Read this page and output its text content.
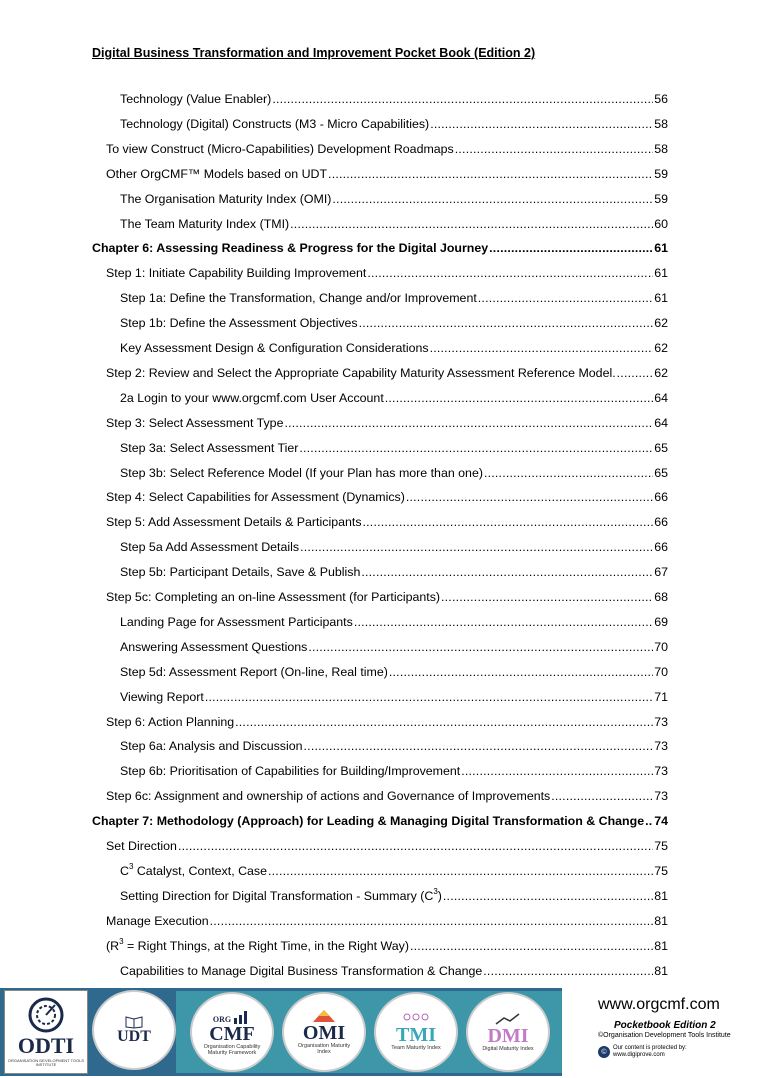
Digital Business Transformation and Improvement Pocket Book (Edition 2)
Technology (Value Enabler) .....	56
Technology (Digital) Constructs (M3 - Micro Capabilities) .....	58
To view Construct (Micro-Capabilities) Development Roadmaps .....	58
Other OrgCMF™ Models based on UDT .....	59
The Organisation Maturity Index (OMI) .....	59
The Team Maturity Index (TMI) .....	60
Chapter 6: Assessing Readiness & Progress for the Digital Journey .....	61
Step 1: Initiate Capability Building Improvement .....	61
Step 1a: Define the Transformation, Change and/or Improvement .....	61
Step 1b: Define the Assessment Objectives .....	62
Key Assessment Design & Configuration Considerations .....	62
Step 2: Review and Select the Appropriate Capability Maturity Assessment Reference Model. .....	62
2a Login to your www.orgcmf.com User Account .....	64
Step 3: Select Assessment Type .....	64
Step 3a: Select Assessment Tier .....	65
Step 3b: Select Reference Model (If your Plan has more than one) .....	65
Step 4: Select Capabilities for Assessment (Dynamics) .....	66
Step 5: Add Assessment Details & Participants .....	66
Step 5a Add Assessment Details .....	66
Step 5b: Participant Details, Save & Publish .....	67
Step 5c: Completing an on-line Assessment (for Participants) .....	68
Landing Page for Assessment Participants .....	69
Answering Assessment Questions .....	70
Step 5d: Assessment Report (On-line, Real time) .....	70
Viewing Report .....	71
Step 6: Action Planning .....	73
Step 6a: Analysis and Discussion .....	73
Step 6b: Prioritisation of Capabilities for Building/Improvement .....	73
Step 6c: Assignment and ownership of actions and Governance of Improvements .....	73
Chapter 7: Methodology (Approach) for Leading & Managing Digital Transformation & Change ..... 74
Set Direction .....	75
$C^3$ Catalyst, Context, Case .....	75
Setting Direction for Digital Transformation - Summary $(C^3)$ .....	81
Manage Execution .....	81
($R^3$ = Right Things, at the Right Time, in the Right Way) .....	81
Capabilities to Manage Digital Business Transformation & Change .....	81
ODTI
ORGANISATION DEVELOPMENT TOOLS INSTITUTE
UDT
ORG
CMF
Organisation Capability Maturity Framework
OMI
Organisation Maturity Index
TMI
Team Maturity Index
DMI
Digital Maturity Index
www.orgcmf.com
Pocketbook Edition 2
©Organisation Development Tools Institute
©
Our content is protected by:
www.digiprove.com
